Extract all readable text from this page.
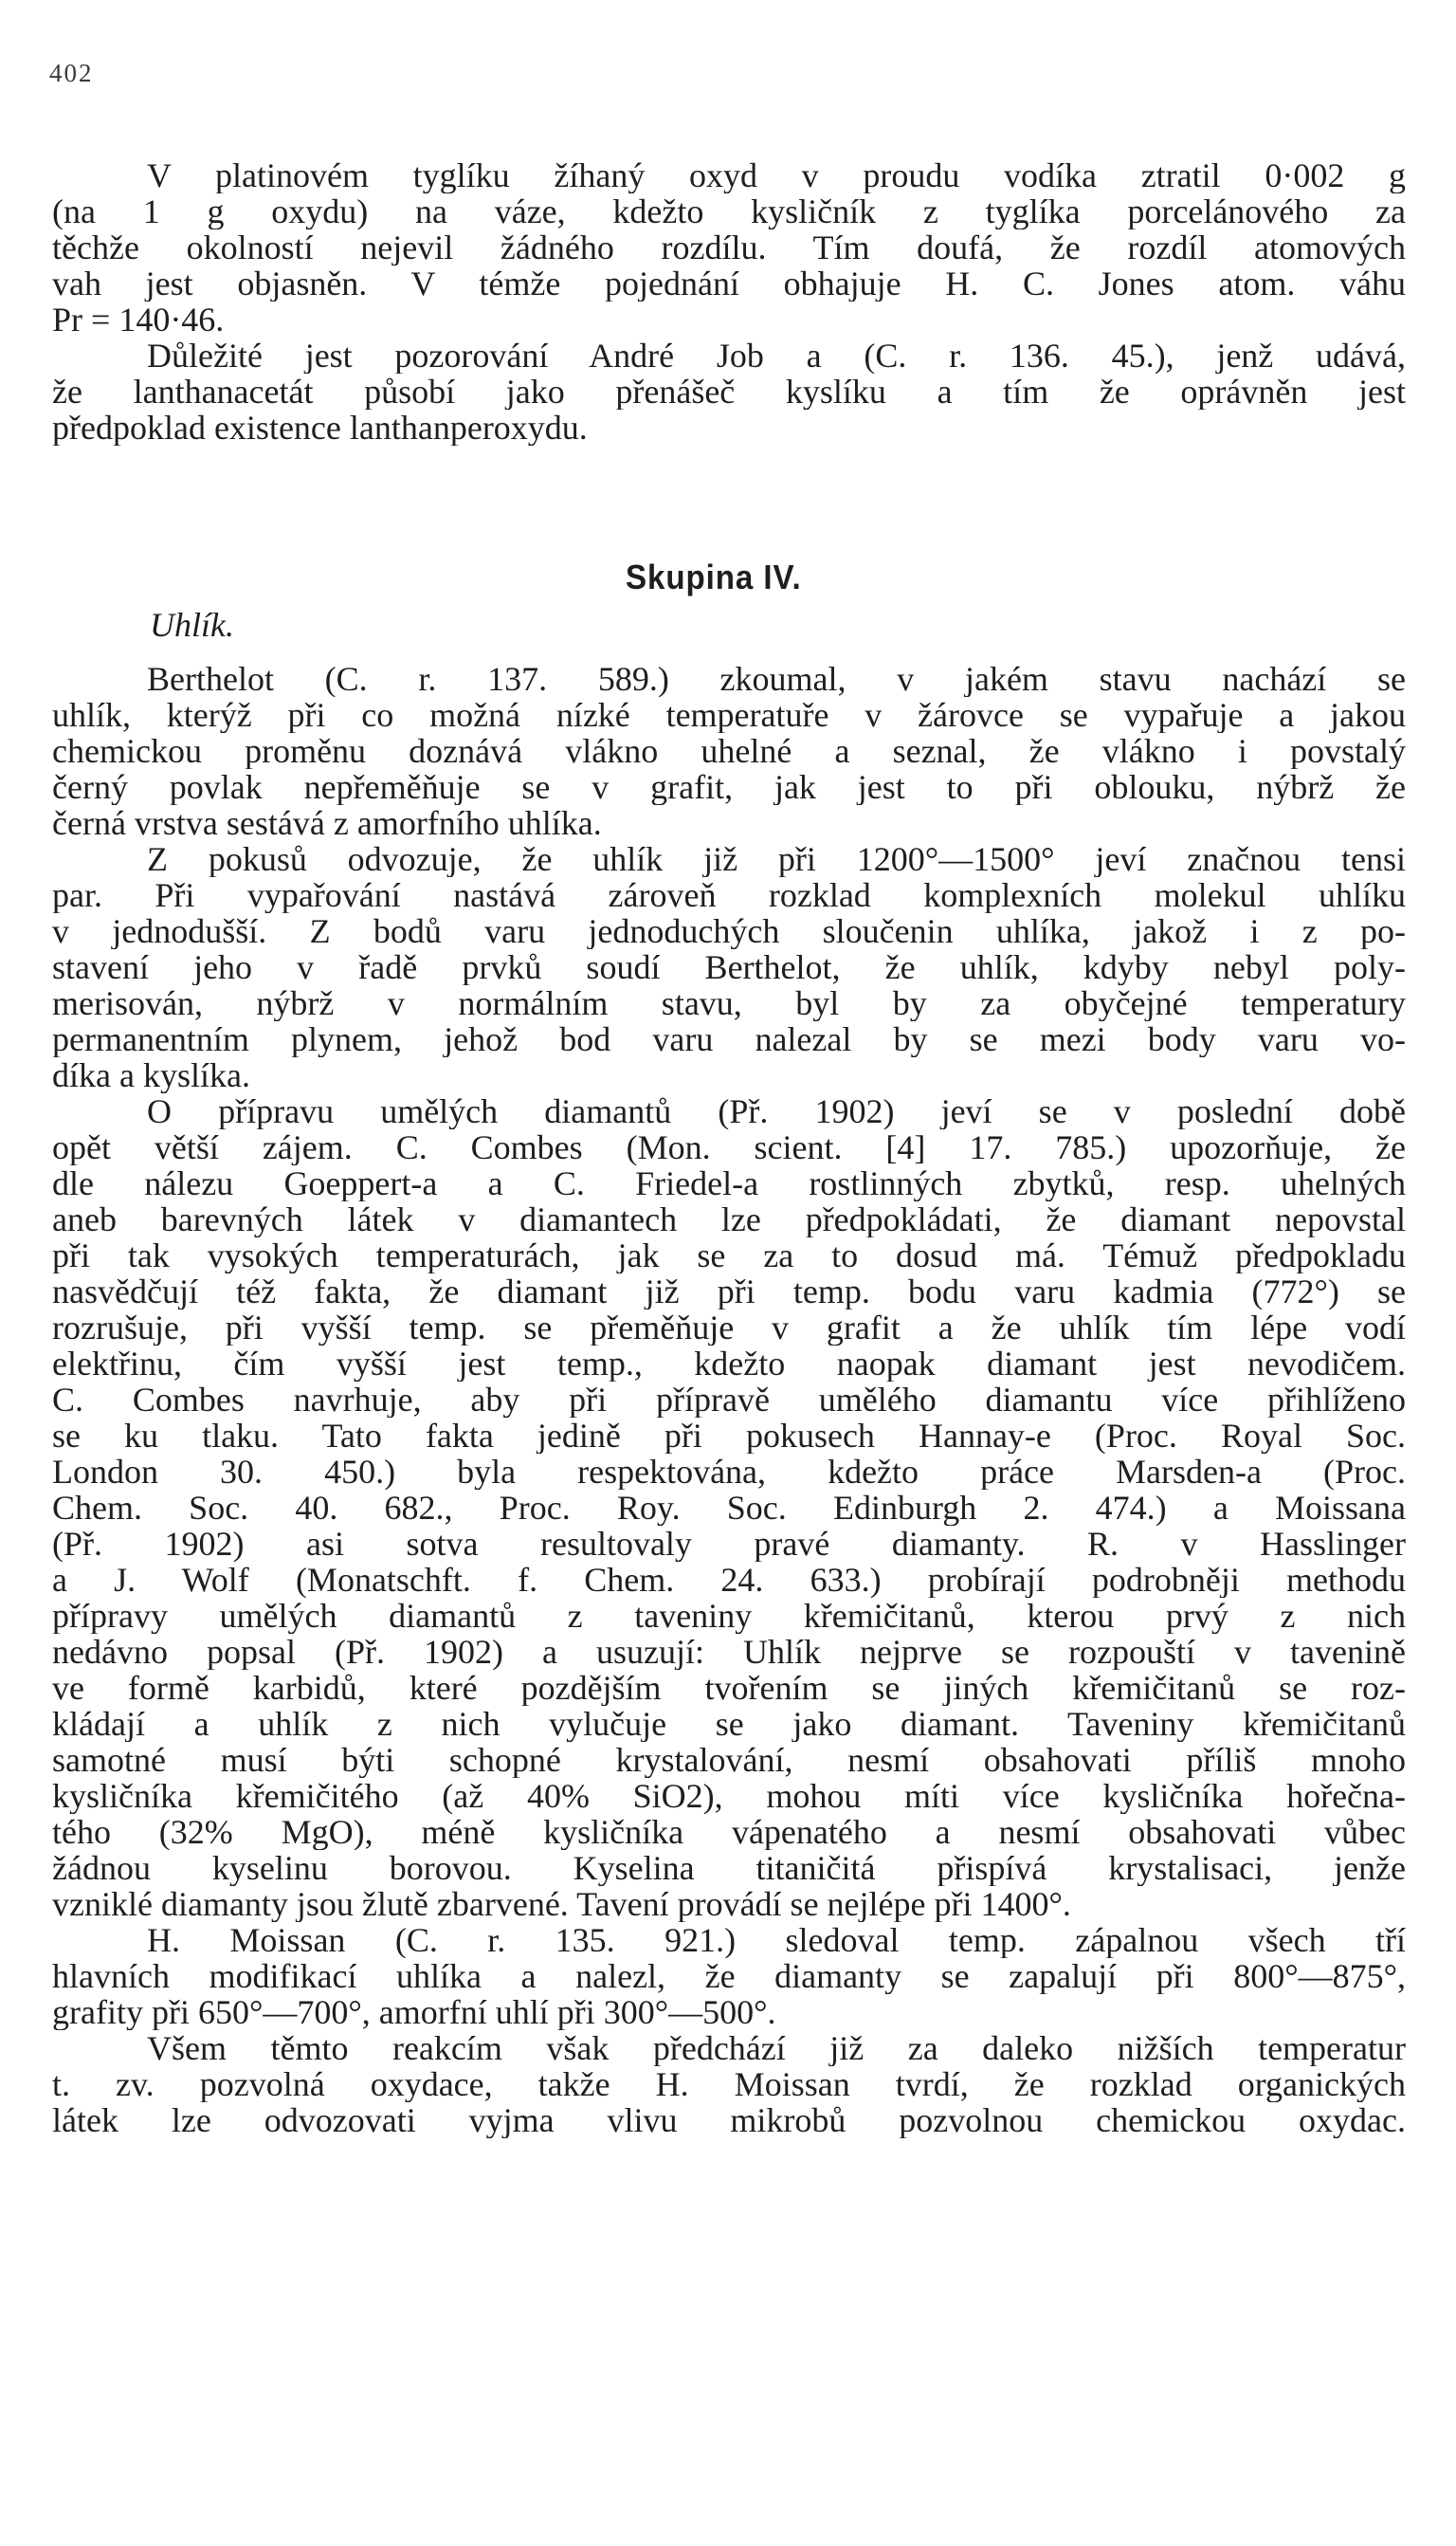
402
V platinovém tyglíku žíhaný oxyd v proudu vodíka ztratil 0·002 g
(na 1 g oxydu) na váze, kdežto kysličník z tyglíka porcelánového za
těchže okolností nejevil žádného rozdílu. Tím doufá, že rozdíl atomových
vah jest objasněn. V témže pojednání obhajuje H. C. Jones atom. váhu
Pr = 140·46.
Důležité jest pozorování André Job a (C. r. 136. 45.), jenž udává,
že lanthanacetát působí jako přenášeč kyslíku a tím že oprávněn jest
předpoklad existence lanthanperoxydu.
Skupina IV.
Uhlík.
Berthelot (C. r. 137. 589.) zkoumal, v jakém stavu nachází se
uhlík, kterýž při co možná nízké temperatuře v žárovce se vypařuje a jakou
chemickou proměnu doznává vlákno uhelné a seznal, že vlákno i povstalý
černý povlak nepřeměňuje se v grafit, jak jest to při oblouku, nýbrž že
černá vrstva sestává z amorfního uhlíka.
Z pokusů odvozuje, že uhlík již při 1200°—1500° jeví značnou tensi
par. Při vypařování nastává zároveň rozklad komplexních molekul uhlíku
v jednodušší. Z bodů varu jednoduchých sloučenin uhlíka, jakož i z po-
stavení jeho v řadě prvků soudí Berthelot, že uhlík, kdyby nebyl poly-
merisován, nýbrž v normálním stavu, byl by za obyčejné temperatury
permanentním plynem, jehož bod varu nalezal by se mezi body varu vo-
díka a kyslíka.
O přípravu umělých diamantů (Př. 1902) jeví se v poslední době
opět větší zájem. C. Combes (Mon. scient. [4] 17. 785.) upozorňuje, že
dle nálezu Goeppert-a a C. Friedel-a rostlinných zbytků, resp. uhelných
aneb barevných látek v diamantech lze předpokládati, že diamant nepovstal
při tak vysokých temperaturách, jak se za to dosud má. Témuž předpokladu
nasvědčují též fakta, že diamant již při temp. bodu varu kadmia (772°) se
rozrušuje, při vyšší temp. se přeměňuje v grafit a že uhlík tím lépe vodí
elektřinu, čím vyšší jest temp., kdežto naopak diamant jest nevodičem.
C. Combes navrhuje, aby při přípravě umělého diamantu více přihlíženo
se ku tlaku. Tato fakta jedině při pokusech Hannay-e (Proc. Royal Soc.
London 30. 450.) byla respektována, kdežto práce Marsden-a (Proc.
Chem. Soc. 40. 682., Proc. Roy. Soc. Edinburgh 2. 474.) a Moissana
(Př. 1902) asi sotva resultovaly pravé diamanty. R. v Hasslinger
a J. Wolf (Monatschft. f. Chem. 24. 633.) probírají podrobněji methodu
přípravy umělých diamantů z taveniny křemičitanů, kterou prvý z nich
nedávno popsal (Př. 1902) a usuzují: Uhlík nejprve se rozpouští v tavenině
ve formě karbidů, které pozdějším tvořením se jiných křemičitanů se roz-
kládají a uhlík z nich vylučuje se jako diamant. Taveniny křemičitanů
samotné musí býti schopné krystalování, nesmí obsahovati příliš mnoho
kysličníka křemičitého (až 40% SiO2), mohou míti více kysličníka hořečna-
tého (32% MgO), méně kysličníka vápenatého a nesmí obsahovati vůbec
žádnou kyselinu borovou. Kyselina titaničitá přispívá krystalisaci, jenže
vzniklé diamanty jsou žlutě zbarvené. Tavení provádí se nejlépe při 1400°.
H. Moissan (C. r. 135. 921.) sledoval temp. zápalnou všech tří
hlavních modifikací uhlíka a nalezl, že diamanty se zapalují při 800°—875°,
grafity při 650°—700°, amorfní uhlí při 300°—500°.
Všem těmto reakcím však předchází již za daleko nižších temperatur
t. zv. pozvolná oxydace, takže H. Moissan tvrdí, že rozklad organických
látek lze odvozovati vyjma vlivu mikrobů pozvolnou chemickou oxydac.
